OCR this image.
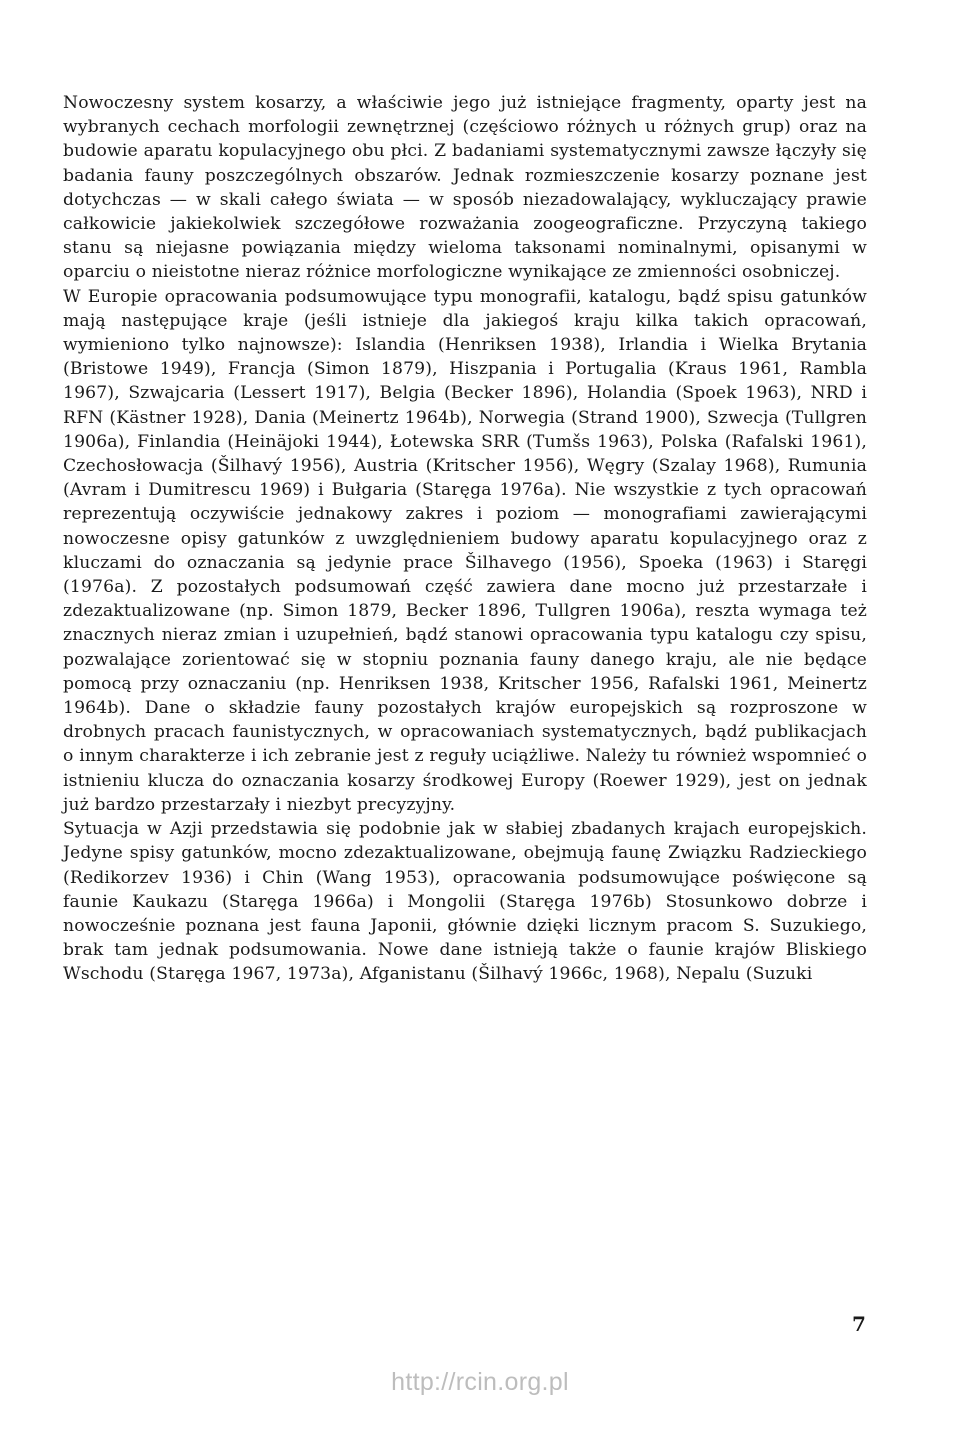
Nowoczesny system kosarzy, a właściwie jego już istniejące fragmenty, oparty jest na wybranych cechach morfologii zewnętrznej (częściowo różnych u różnych grup) oraz na budowie aparatu kopulacyjnego obu płci. Z badaniami systematycznymi zawsze łączyły się badania fauny poszczególnych obszarów. Jednak rozmieszczenie kosarzy poznane jest dotychczas — w skali całego świata — w sposób niezadowalający, wykluczający prawie całkowicie jakiekolwiek szczegółowe rozważania zoogeograficzne. Przyczyną takiego stanu są niejasne powiązania między wieloma taksonami nominalnymi, opisanymi w oparciu o nieistotne nieraz różnice morfologiczne wynikające ze zmienności osobniczej.

W Europie opracowania podsumowujące typu monografii, katalogu, bądź spisu gatunków mają następujące kraje (jeśli istnieje dla jakiegoś kraju kilka takich opracowań, wymieniono tylko najnowsze): Islandia (Henriksen 1938), Irlandia i Wielka Brytania (Bristowe 1949), Francja (Simon 1879), Hiszpania i Portugalia (Kraus 1961, Rambla 1967), Szwajcaria (Lessert 1917), Belgia (Becker 1896), Holandia (Spoek 1963), NRD i RFN (Kästner 1928), Dania (Meinertz 1964b), Norwegia (Strand 1900), Szwecja (Tullgren 1906a), Finlandia (Heinäjoki 1944), Łotewska SRR (Tumšs 1963), Polska (Rafalski 1961), Czechosłowacja (Šilhavý 1956), Austria (Kritscher 1956), Węgry (Szalay 1968), Rumunia (Avram i Dumitrescu 1969) i Bułgaria (Staręga 1976a). Nie wszystkie z tych opracowań reprezentują oczywiście jednakowy zakres i poziom — monografiami zawierającymi nowoczesne opisy gatunków z uwzględnieniem budowy aparatu kopulacyjnego oraz z kluczami do oznaczania są jedynie prace Šilhavego (1956), Spoeka (1963) i Staręgi (1976a). Z pozostałych podsumowań część zawiera dane mocno już przestarzałe i zdezaktualizowane (np. Simon 1879, Becker 1896, Tullgren 1906a), reszta wymaga też znacznych nieraz zmian i uzupełnień, bądź stanowi opracowania typu katalogu czy spisu, pozwalające zorientować się w stopniu poznania fauny danego kraju, ale nie będące pomocą przy oznaczaniu (np. Henriksen 1938, Kritscher 1956, Rafalski 1961, Meinertz 1964b). Dane o składzie fauny pozostałych krajów europejskich są rozproszone w drobnych pracach faunistycznych, w opracowaniach systematycznych, bądź publikacjach o innym charakterze i ich zebranie jest z reguły uciążliwe. Należy tu również wspomnieć o istnieniu klucza do oznaczania kosarzy środkowej Europy (Roewer 1929), jest on jednak już bardzo przestarzały i niezbyt precyzyjny.

Sytuacja w Azji przedstawia się podobnie jak w słabiej zbadanych krajach europejskich. Jedyne spisy gatunków, mocno zdezaktualizowane, obejmują faunę Związku Radzieckiego (Redikorzev 1936) i Chin (Wang 1953), opracowania podsumowujące poświęcone są faunie Kaukazu (Staręga 1966a) i Mongolii (Staręga 1976b) Stosunkowo dobrze i nowocześnie poznana jest fauna Japonii, głównie dzięki licznym pracom S. Suzukiego, brak tam jednak podsumowania. Nowe dane istnieją także o faunie krajów Bliskiego Wschodu (Staręga 1967, 1973a), Afganistanu (Šilhavý 1966c, 1968), Nepalu (Suzuki

7
http://rcin.org.pl
